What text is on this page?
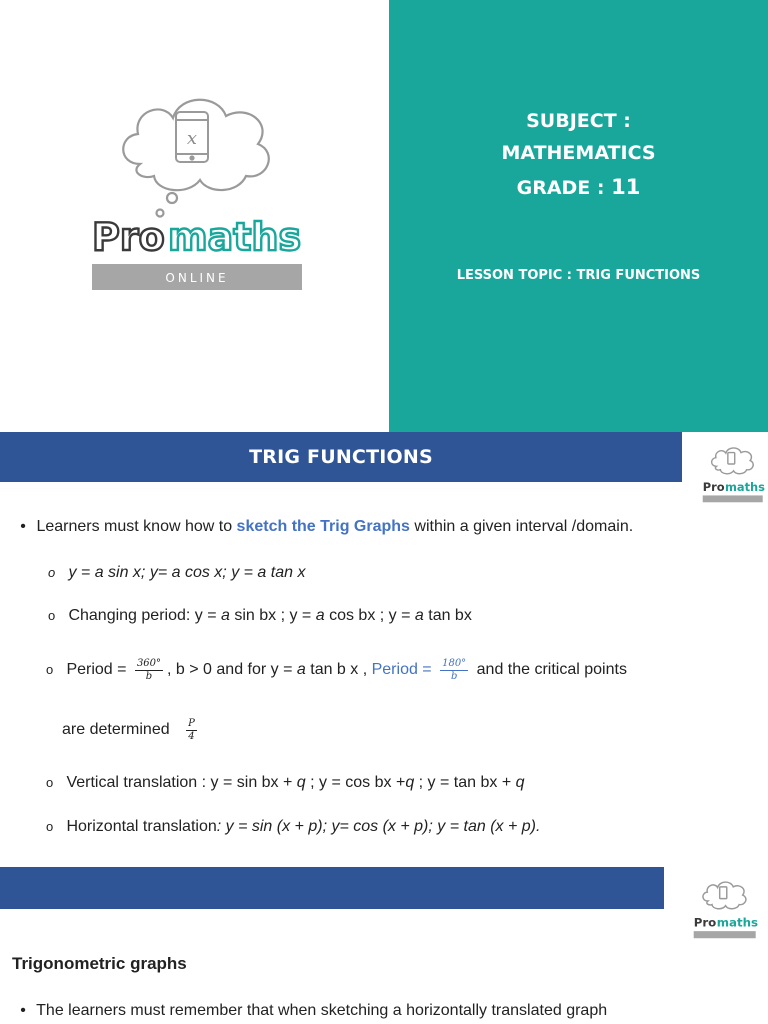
x
Pro maths
ONLINE
SUBJECT :
MATHEMATICS
GRADE : 11
LESSON TOPIC : TRIG FUNCTIONS
TRIG FUNCTIONS
Pro maths
• Learners must know how to sketch the Trig Graphs within a given interval /domain.
o y = a sin x; y= a cos x; y = a tan x
o Changing period: y = a sin bx ; y = a cos bx ; y = a tan bx
o Period = $\frac{360^\circ}{b}$ , b > 0 and for y = a tan b x , Period = $\frac{180^\circ}{b}$ and the critical points
are determined $\frac{P}{4}$
o Vertical translation : y = sin bx + q ; y = cos bx +q ; y = tan bx + q
o Horizontal translation: y = sin (x + p); y= cos (x + p); y = tan (x + p).
Pro maths
Trigonometric graphs
• The learners must remember that when sketching a horizontally translated graph
